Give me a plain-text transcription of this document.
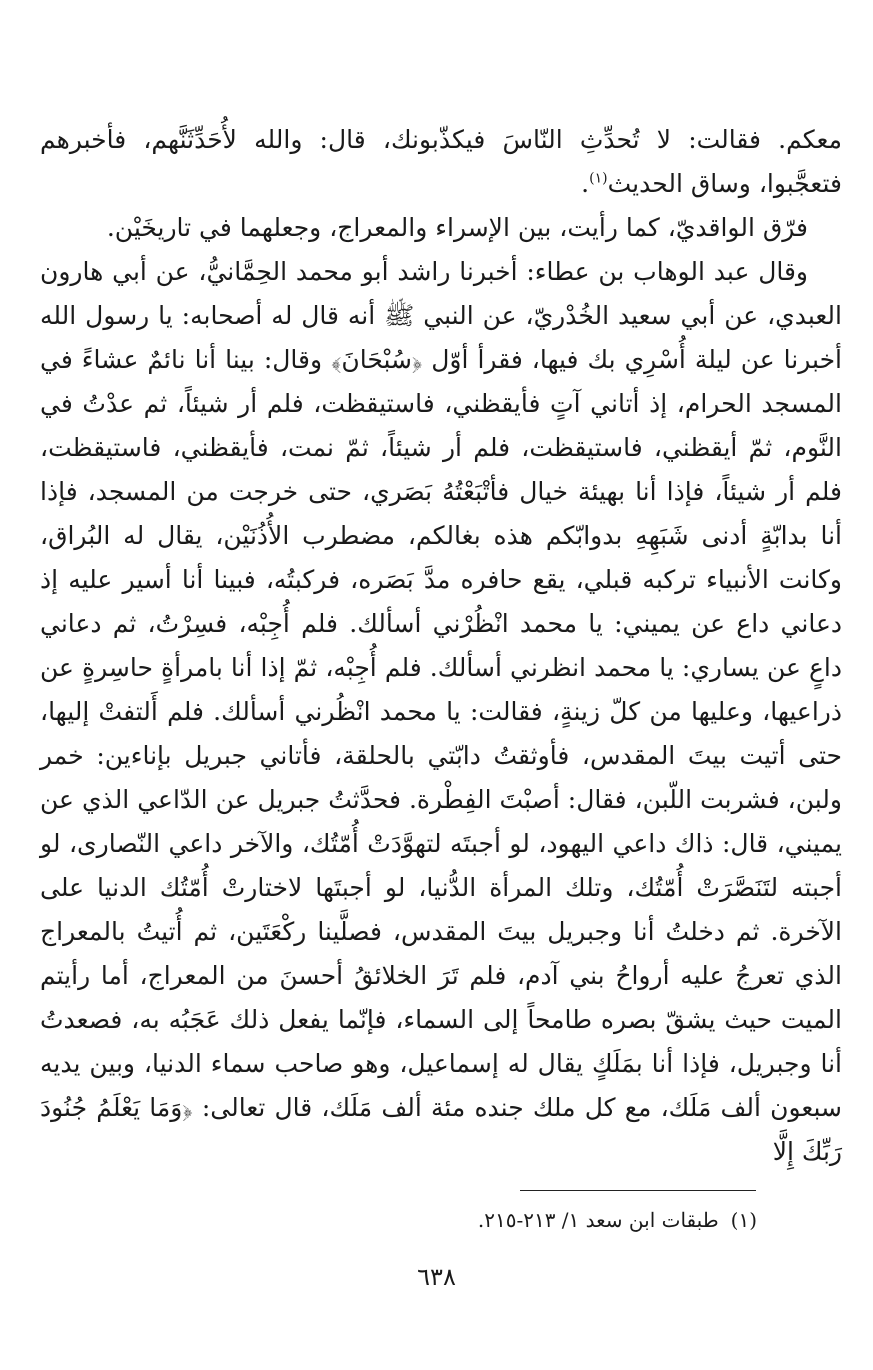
معكم. فقالت: لا تُحدِّثِ النّاسَ فيكذّبونك، قال: والله لأُحَدِّثَنَّهم، فأخبرهم فتعجَّبوا، وساق الحديث$^{(١)}$.

فرّق الواقديّ، كما رأيت، بين الإسراء والمعراج، وجعلهما في تاريخَيْن.

وقال عبد الوهاب بن عطاء: أخبرنا راشد أبو محمد الحِمَّانيُّ، عن أبي هارون العبدي، عن أبي سعيد الخُدْريّ، عن النبي ﷺ أنه قال له أصحابه: يا رسول الله أخبرنا عن ليلة أُسْرِي بك فيها، فقرأ أوّل ﴿سُبْحَانَ﴾ وقال: بينا أنا نائمٌ عشاءً في المسجد الحرام، إذ أتاني آتٍ فأيقظني، فاستيقظت، فلم أر شيئاً، ثم عدْتُ في النَّوم، ثمّ أيقظني، فاستيقظت، فلم أر شيئاً، ثمّ نمت، فأيقظني، فاستيقظت، فلم أر شيئاً، فإذا أنا بهيئة خيال فأتْبَعْتُهُ بَصَري، حتى خرجت من المسجد، فإذا أنا بدابّةٍ أدنى شَبَهِهِ بدوابّكم هذه بغالكم، مضطرب الأُذُنَيْن، يقال له البُراق، وكانت الأنبياء تركبه قبلي، يقع حافره مدَّ بَصَره، فركبتُه، فبينا أنا أسير عليه إذ دعاني داع عن يميني: يا محمد انْظُرْني أسألك. فلم أُجِبْه، فسِرْتُ، ثم دعاني داعٍ عن يساري: يا محمد انظرني أسألك. فلم أُجِبْه، ثمّ إذا أنا بامرأةٍ حاسِرةٍ عن ذراعيها، وعليها من كلّ زينةٍ، فقالت: يا محمد انْظُرني أسألك. فلم أَلتفتْ إليها، حتى أتيت بيتَ المقدس، فأوثقتُ دابّتي بالحلقة، فأتاني جبريل بإناءين: خمر ولبن، فشربت اللّبن، فقال: أصبْتَ الفِطْرة. فحدَّثتُ جبريل عن الدّاعي الذي عن يميني، قال: ذاك داعي اليهود، لو أجبتَه لتهوَّدَتْ أُمّتُك، والآخر داعي النّصارى، لو أجبته لتَنَصَّرَتْ أُمّتُك، وتلك المرأة الدُّنيا، لو أجبتَها لاختارتْ أُمّتُك الدنيا على الآخرة. ثم دخلتُ أنا وجبريل بيتَ المقدس، فصلَّينا ركْعَتَين، ثم أُتيتُ بالمعراج الذي تعرجُ عليه أرواحُ بني آدم، فلم تَرَ الخلائقُ أحسنَ من المعراج، أما رأيتم الميت حيث يشقّ بصره طامحاً إلى السماء، فإنّما يفعل ذلك عَجَبُه به، فصعدتُ أنا وجبريل، فإذا أنا بمَلَكٍ يقال له إسماعيل، وهو صاحب سماء الدنيا، وبين يديه سبعون ألف مَلَك، مع كل ملك جنده مئة ألف مَلَك، قال تعالى: ﴿وَمَا يَعْلَمُ جُنُودَ رَبِّكَ إِلَّا

(١)طبقات ابن سعد ١/ ٢١٣-٢١٥.
٦٣٨
